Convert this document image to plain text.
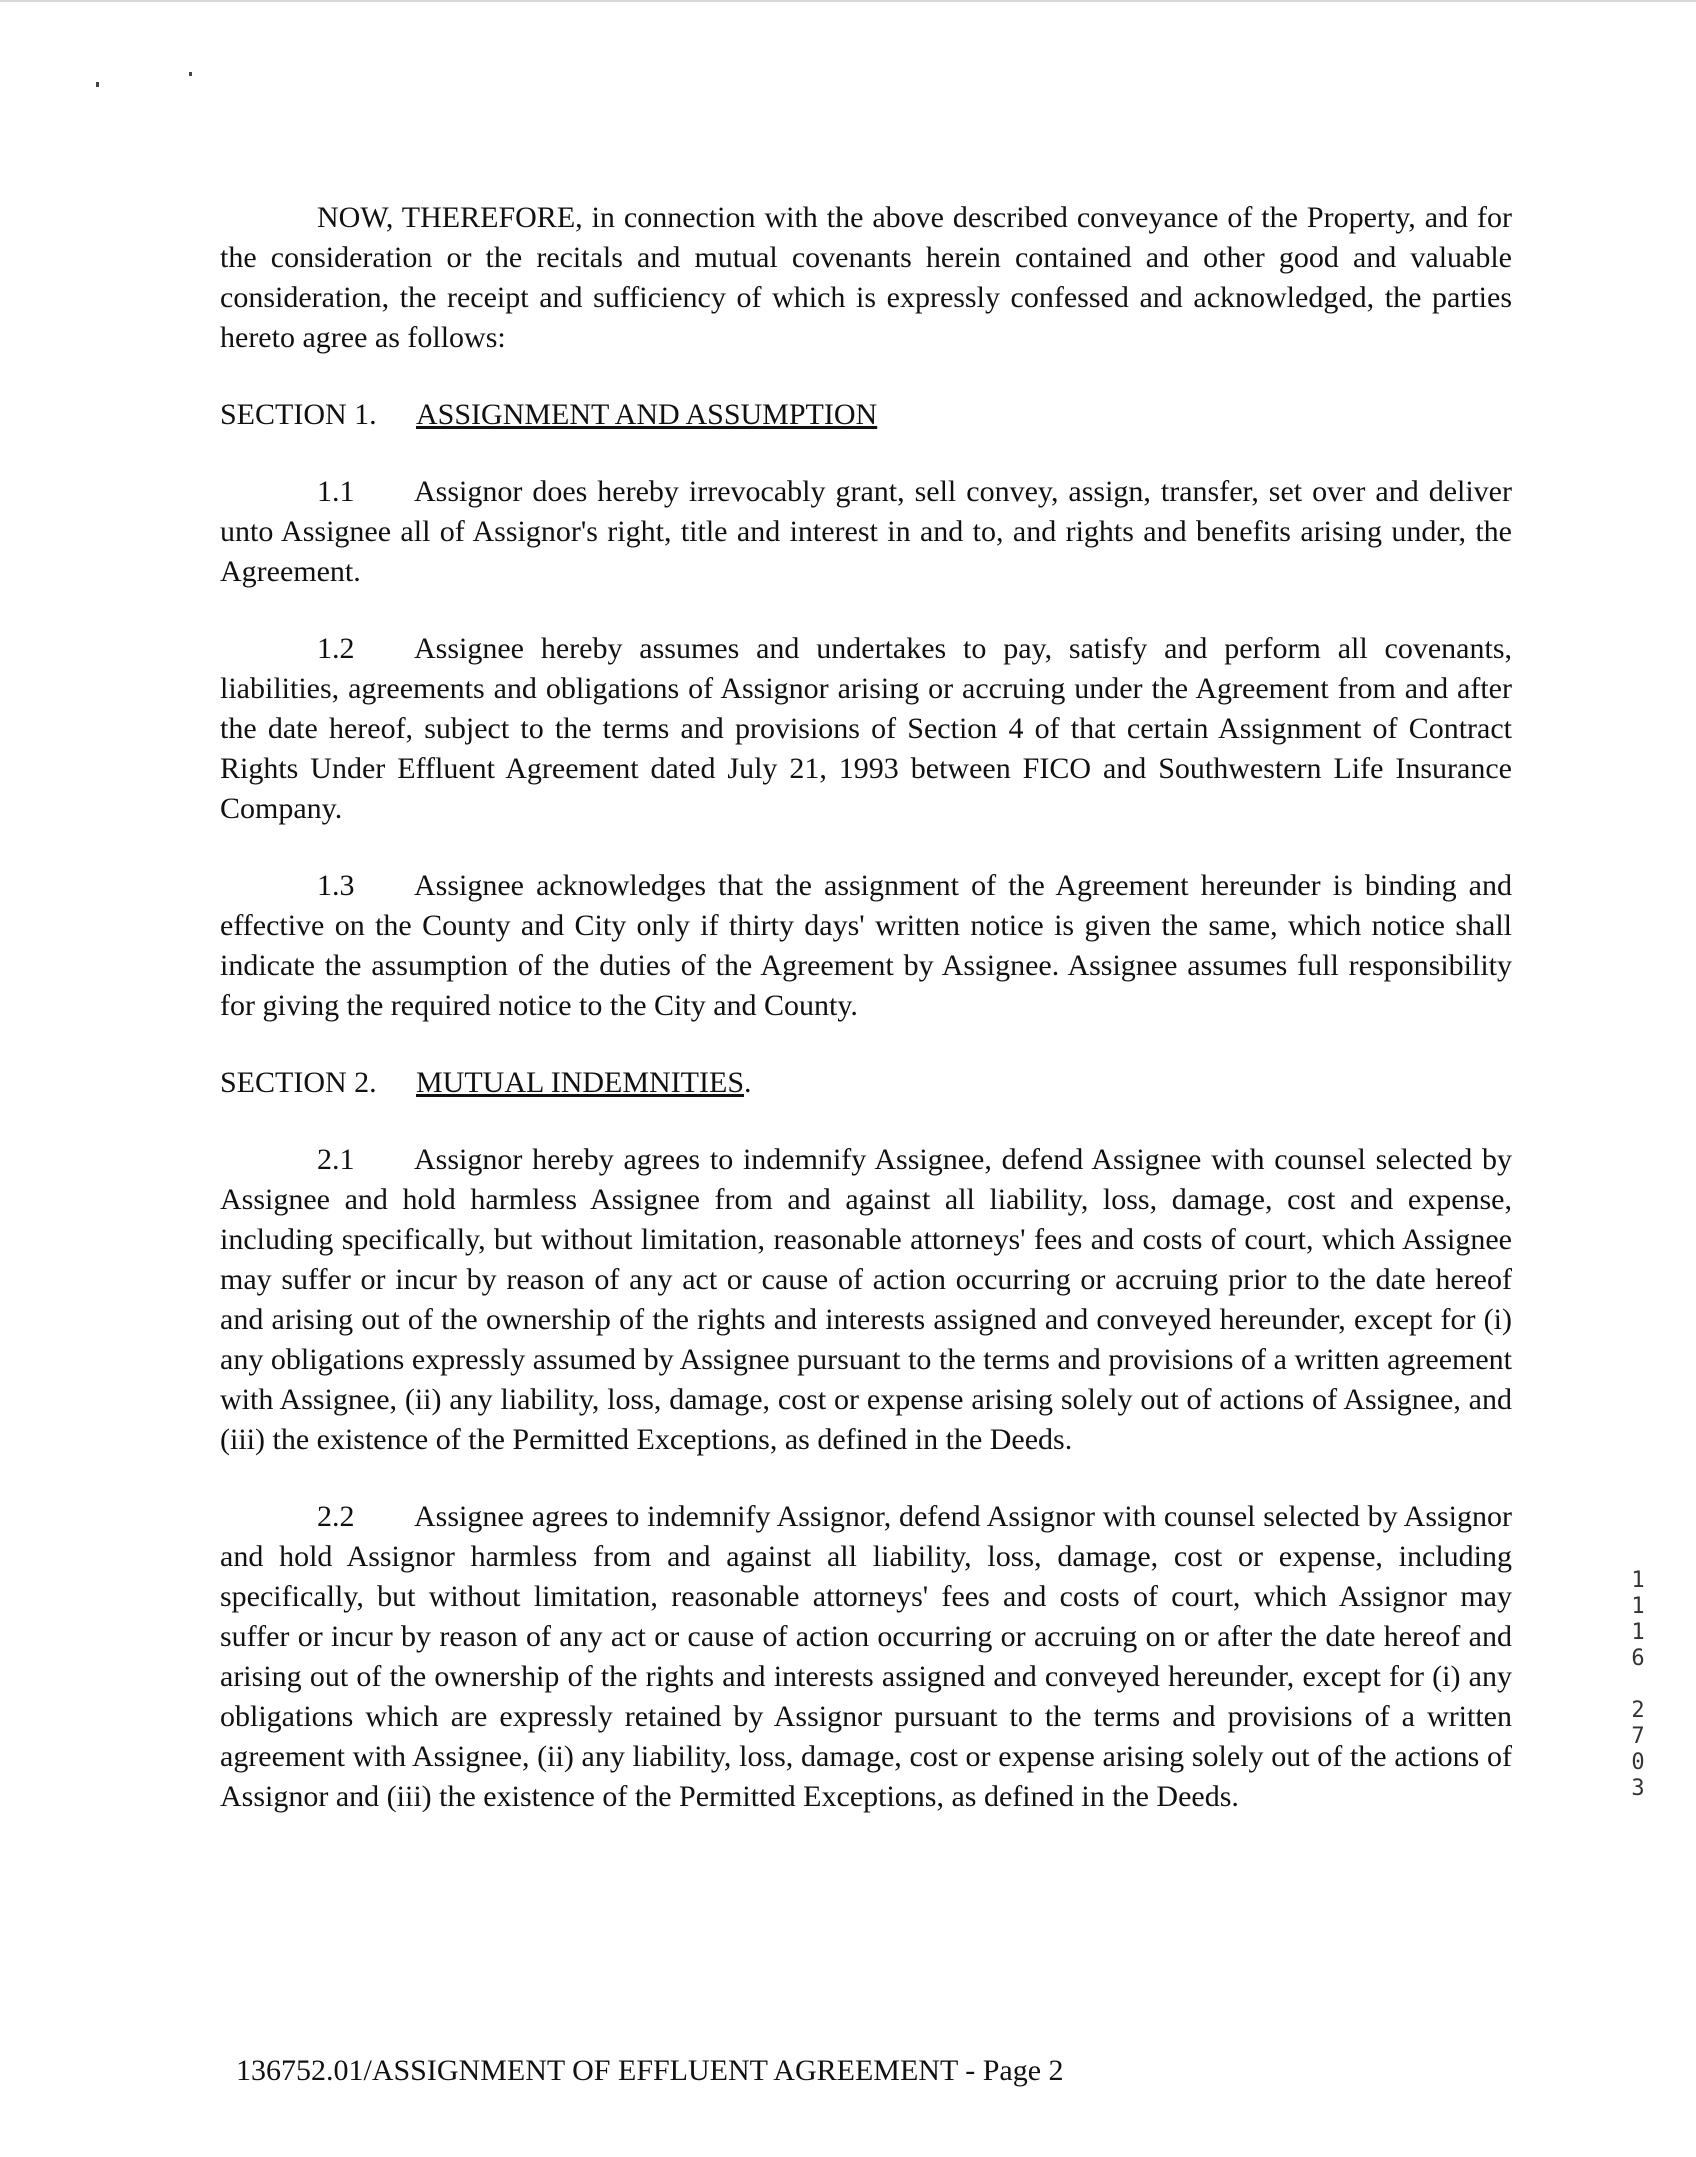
NOW, THEREFORE, in connection with the above described conveyance of the Property, and for the consideration or the recitals and mutual covenants herein contained and other good and valuable consideration, the receipt and sufficiency of which is expressly confessed and acknowledged, the parties hereto agree as follows:

SECTION 1. ASSIGNMENT AND ASSUMPTION

1.1 Assignor does hereby irrevocably grant, sell convey, assign, transfer, set over and deliver unto Assignee all of Assignor's right, title and interest in and to, and rights and benefits arising under, the Agreement.

1.2 Assignee hereby assumes and undertakes to pay, satisfy and perform all covenants, liabilities, agreements and obligations of Assignor arising or accruing under the Agreement from and after the date hereof, subject to the terms and provisions of Section 4 of that certain Assignment of Contract Rights Under Effluent Agreement dated July 21, 1993 between FICO and Southwestern Life Insurance Company.

1.3 Assignee acknowledges that the assignment of the Agreement hereunder is binding and effective on the County and City only if thirty days' written notice is given the same, which notice shall indicate the assumption of the duties of the Agreement by Assignee. Assignee assumes full responsibility for giving the required notice to the City and County.

SECTION 2. MUTUAL INDEMNITIES.

2.1 Assignor hereby agrees to indemnify Assignee, defend Assignee with counsel selected by Assignee and hold harmless Assignee from and against all liability, loss, damage, cost and expense, including specifically, but without limitation, reasonable attorneys' fees and costs of court, which Assignee may suffer or incur by reason of any act or cause of action occurring or accruing prior to the date hereof and arising out of the ownership of the rights and interests assigned and conveyed hereunder, except for (i) any obligations expressly assumed by Assignee pursuant to the terms and provisions of a written agreement with Assignee, (ii) any liability, loss, damage, cost or expense arising solely out of actions of Assignee, and (iii) the existence of the Permitted Exceptions, as defined in the Deeds.

2.2 Assignee agrees to indemnify Assignor, defend Assignor with counsel selected by Assignor and hold Assignor harmless from and against all liability, loss, damage, cost or expense, including specifically, but without limitation, reasonable attorneys' fees and costs of court, which Assignor may suffer or incur by reason of any act or cause of action occurring or accruing on or after the date hereof and arising out of the ownership of the rights and interests assigned and conveyed hereunder, except for (i) any obligations which are expressly retained by Assignor pursuant to the terms and provisions of a written agreement with Assignee, (ii) any liability, loss, damage, cost or expense arising solely out of the actions of Assignor and (iii) the existence of the Permitted Exceptions, as defined in the Deeds.

1116
2703
136752.01/ASSIGNMENT OF EFFLUENT AGREEMENT - Page 2
